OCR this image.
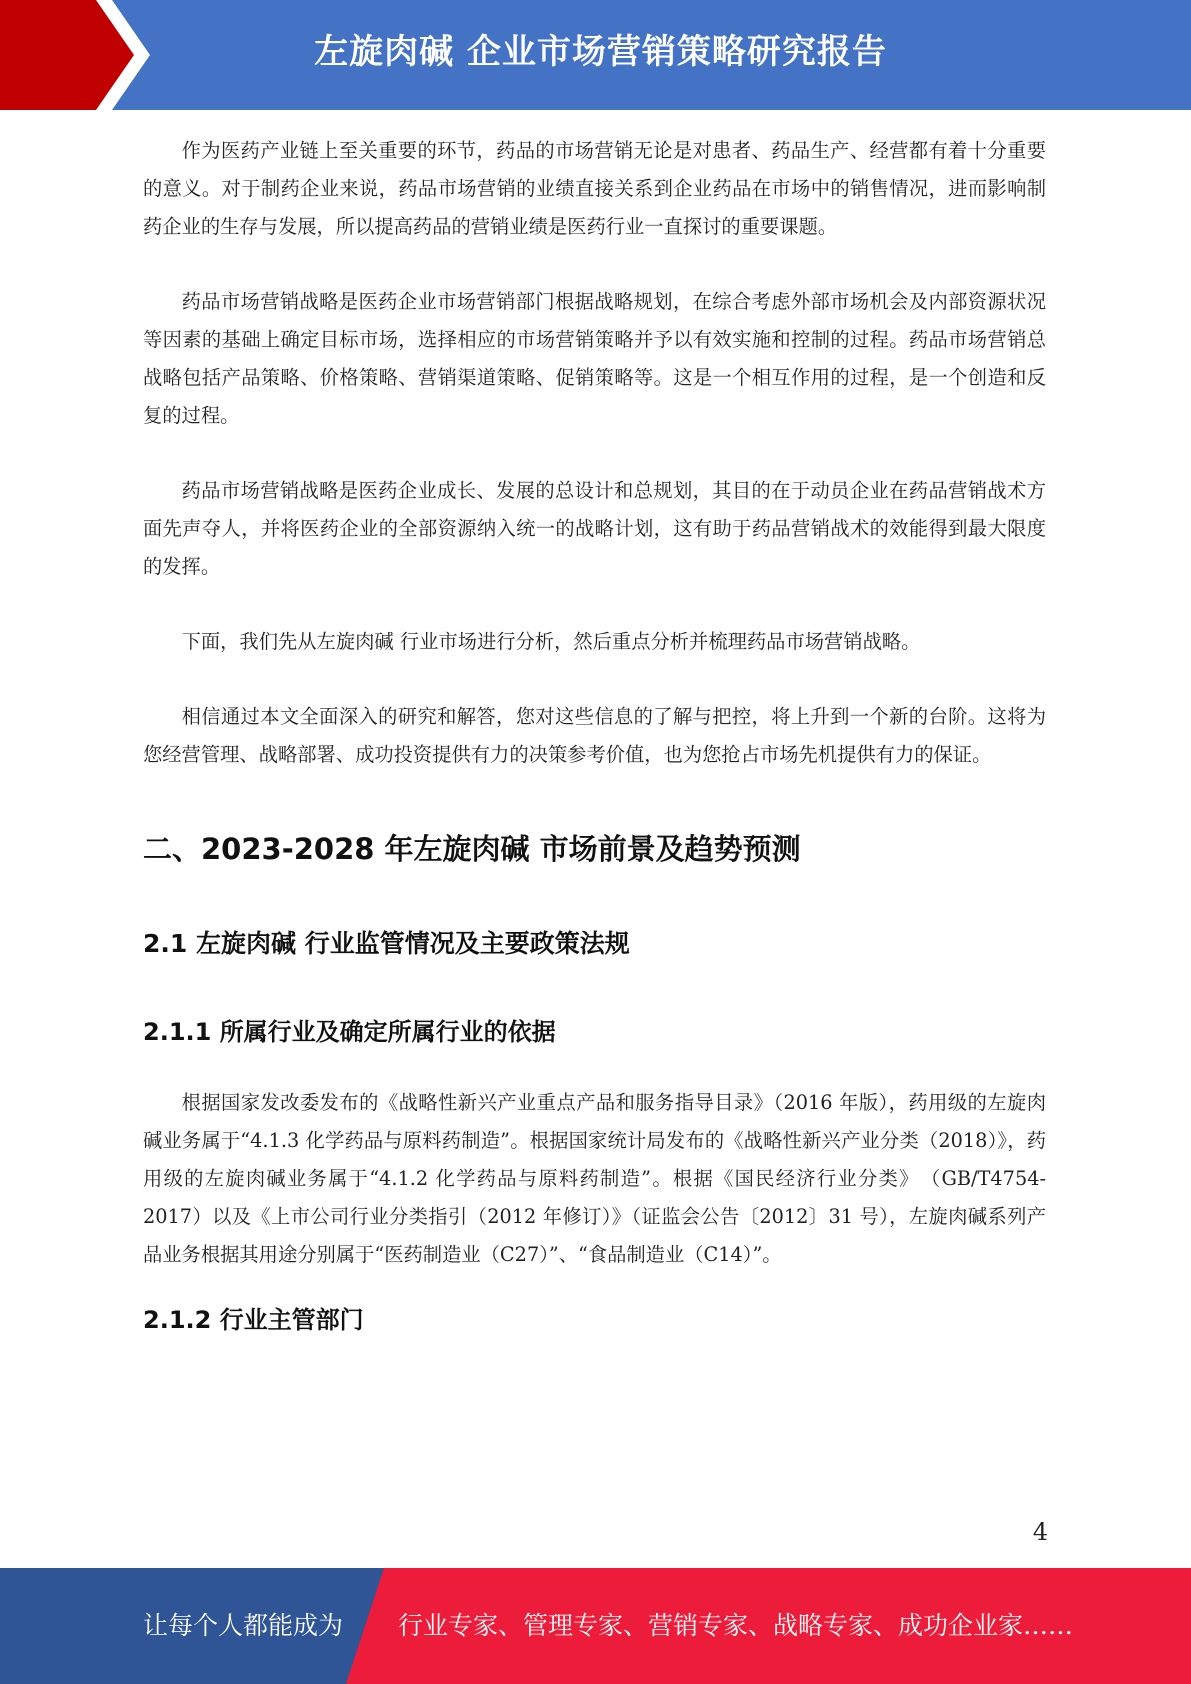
左旋肉碱 企业市场营销策略研究报告

作为医药产业链上至关重要的环节，药品的市场营销无论是对患者、药品生产、经营都有着十分重要的意义。对于制药企业来说，药品市场营销的业绩直接关系到企业药品在市场中的销售情况，进而影响制药企业的生存与发展，所以提高药品的营销业绩是医药行业一直探讨的重要课题。

药品市场营销战略是医药企业市场营销部门根据战略规划，在综合考虑外部市场机会及内部资源状况等因素的基础上确定目标市场，选择相应的市场营销策略并予以有效实施和控制的过程。药品市场营销总战略包括产品策略、价格策略、营销渠道策略、促销策略等。这是一个相互作用的过程，是一个创造和反复的过程。

药品市场营销战略是医药企业成长、发展的总设计和总规划，其目的在于动员企业在药品营销战术方面先声夺人，并将医药企业的全部资源纳入统一的战略计划，这有助于药品营销战术的效能得到最大限度的发挥。

下面，我们先从左旋肉碱 行业市场进行分析，然后重点分析并梳理药品市场营销战略。

相信通过本文全面深入的研究和解答，您对这些信息的了解与把控，将上升到一个新的台阶。这将为您经营管理、战略部署、成功投资提供有力的决策参考价值，也为您抢占市场先机提供有力的保证。

二、2023-2028 年左旋肉碱 市场前景及趋势预测
2.1 左旋肉碱 行业监管情况及主要政策法规
2.1.1 所属行业及确定所属行业的依据

根据国家发改委发布的《战略性新兴产业重点产品和服务指导目录》（2016 年版），药用级的左旋肉碱业务属于“4.1.3 化学药品与原料药制造”。根据国家统计局发布的《战略性新兴产业分类（2018）》，药用级的左旋肉碱业务属于“4.1.2 化学药品与原料药制造”。根据《国民经济行业分类》　（GB/T4754-2017）以及《上市公司行业分类指引（2012 年修订）》（证监会公告〔2012〕31 号），左旋肉碱系列产品业务根据其用途分别属于“医药制造业（C27）”、“食品制造业（C14）”。

2.1.2 行业主管部门
4
让每个人都能成为 行业专家、管理专家、营销专家、战略专家、成功企业家……
